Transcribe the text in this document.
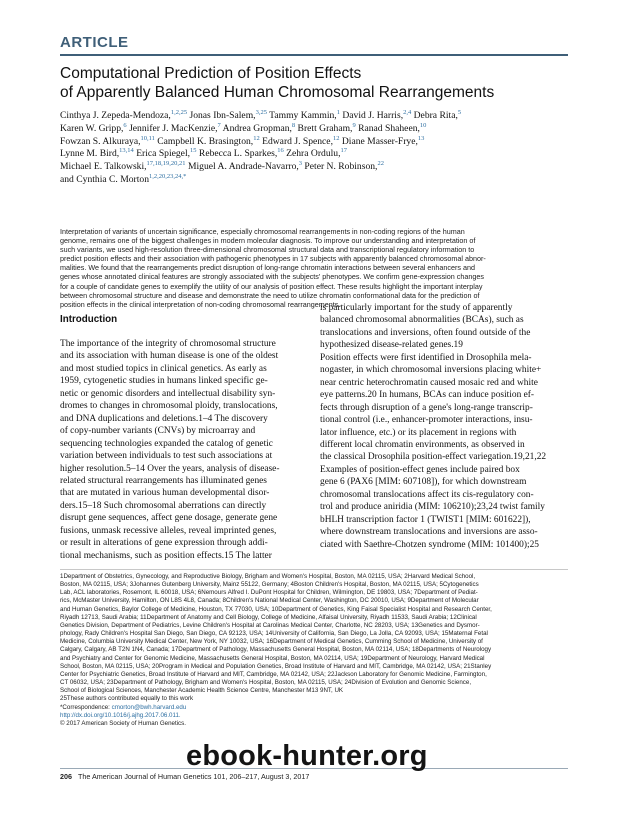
ARTICLE
Computational Prediction of Position Effects
of Apparently Balanced Human Chromosomal Rearrangements
Cinthya J. Zepeda-Mendoza,$^{1,2,25}$ Jonas Ibn-Salem,$^{3,25}$ Tammy Kammin,$^1$ David J. Harris,$^{2,4}$ Debra Rita,$^5$
Karen W. Gripp,$^6$ Jennifer J. MacKenzie,$^7$ Andrea Gropman,$^8$ Brett Graham,$^9$ Ranad Shaheen,$^{10}$
Fowzan S. Alkuraya,$^{10,11}$ Campbell K. Brasington,$^{12}$ Edward J. Spence,$^{12}$ Diane Masser-Frye,$^{13}$
Lynne M. Bird,$^{13,14}$ Erica Spiegel,$^{15}$ Rebecca L. Sparkes,$^{16}$ Zehra Ordulu,$^{17}$
Michael E. Talkowski,$^{17,18,19,20,21}$ Miguel A. Andrade-Navarro,$^3$ Peter N. Robinson,$^{22}$
and Cynthia C. Morton$^{1,2,20,23,24,*}$
Interpretation of variants of uncertain significance, especially chromosomal rearrangements in non-coding regions of the human
genome, remains one of the biggest challenges in modern molecular diagnosis. To improve our understanding and interpretation of
such variants, we used high-resolution three-dimensional chromosomal structural data and transcriptional regulatory information to
predict position effects and their association with pathogenic phenotypes in 17 subjects with apparently balanced chromosomal abnor-
malities. We found that the rearrangements predict disruption of long-range chromatin interactions between several enhancers and
genes whose annotated clinical features are strongly associated with the subjects' phenotypes. We confirm gene-expression changes
for a couple of candidate genes to exemplify the utility of our analysis of position effect. These results highlight the important interplay
between chromosomal structure and disease and demonstrate the need to utilize chromatin conformational data for the prediction of
position effects in the clinical interpretation of non-coding chromosomal rearrangements.
Introduction
The importance of the integrity of chromosomal structure
and its association with human disease is one of the oldest
and most studied topics in clinical genetics. As early as
1959, cytogenetic studies in humans linked specific ge-
netic or genomic disorders and intellectual disability syn-
dromes to changes in chromosomal ploidy, translocations,
and DNA duplications and deletions.1–4 The discovery
of copy-number variants (CNVs) by microarray and
sequencing technologies expanded the catalog of genetic
variation between individuals to test such associations at
higher resolution.5–14 Over the years, analysis of disease-
related structural rearrangements has illuminated genes
that are mutated in various human developmental disor-
ders.15–18 Such chromosomal aberrations can directly
disrupt gene sequences, affect gene dosage, generate gene
fusions, unmask recessive alleles, reveal imprinted genes,
or result in alterations of gene expression through addi-
tional mechanisms, such as position effects.15 The latter
is particularly important for the study of apparently
balanced chromosomal abnormalities (BCAs), such as
translocations and inversions, often found outside of the
hypothesized disease-related genes.19
Position effects were first identified in Drosophila mela-
nogaster, in which chromosomal inversions placing white+
near centric heterochromatin caused mosaic red and white
eye patterns.20 In humans, BCAs can induce position ef-
fects through disruption of a gene's long-range transcrip-
tional control (i.e., enhancer-promoter interactions, insu-
lator influence, etc.) or its placement in regions with
different local chromatin environments, as observed in
the classical Drosophila position-effect variegation.19,21,22
Examples of position-effect genes include paired box
gene 6 (PAX6 [MIM: 607108]), for which downstream
chromosomal translocations affect its cis-regulatory con-
trol and produce aniridia (MIM: 106210);23,24 twist family
bHLH transcription factor 1 (TWIST1 [MIM: 601622]),
where downstream translocations and inversions are asso-
ciated with Saethre-Chotzen syndrome (MIM: 101400);25
1Department of Obstetrics, Gynecology, and Reproductive Biology, Brigham and Women's Hospital, Boston, MA 02115, USA; 2Harvard Medical School,
Boston, MA 02115, USA; 3Johannes Gutenberg University, Mainz 55122, Germany; 4Boston Children's Hospital, Boston, MA 02115, USA; 5Cytogenetics
Lab, ACL laboratories, Rosemont, IL 60018, USA; 6Nemours Alfred I. DuPont Hospital for Children, Wilmington, DE 19803, USA; 7Department of Pediat-
rics, McMaster University, Hamilton, ON L8S 4L8, Canada; 8Children's National Medical Center, Washington, DC 20010, USA; 9Department of Molecular
and Human Genetics, Baylor College of Medicine, Houston, TX 77030, USA; 10Department of Genetics, King Faisal Specialist Hospital and Research Center,
Riyadh 12713, Saudi Arabia; 11Department of Anatomy and Cell Biology, College of Medicine, Alfaisal University, Riyadh 11533, Saudi Arabia; 12Clinical
Genetics Division, Department of Pediatrics, Levine Children's Hospital at Carolinas Medical Center, Charlotte, NC 28203, USA; 13Genetics and Dysmor-
phology, Rady Children's Hospital San Diego, San Diego, CA 92123, USA; 14University of California, San Diego, La Jolla, CA 92093, USA; 15Maternal Fetal
Medicine, Columbia University Medical Center, New York, NY 10032, USA; 16Department of Medical Genetics, Cumming School of Medicine, University of
Calgary, Calgary, AB T2N 1N4, Canada; 17Department of Pathology, Massachusetts General Hospital, Boston, MA 02114, USA; 18Departments of Neurology
and Psychiatry and Center for Genomic Medicine, Massachusetts General Hospital, Boston, MA 02114, USA; 19Department of Neurology, Harvard Medical
School, Boston, MA 02115, USA; 20Program in Medical and Population Genetics, Broad Institute of Harvard and MIT, Cambridge, MA 02142, USA; 21Stanley
Center for Psychiatric Genetics, Broad Institute of Harvard and MIT, Cambridge, MA 02142, USA; 22Jackson Laboratory for Genomic Medicine, Farmington,
CT 06032, USA; 23Department of Pathology, Brigham and Women's Hospital, Boston, MA 02115, USA; 24Division of Evolution and Genomic Science,
School of Biological Sciences, Manchester Academic Health Science Centre, Manchester M13 9NT, UK
25These authors contributed equally to this work
*Correspondence: cmorton@bwh.harvard.edu
http://dx.doi.org/10.1016/j.ajhg.2017.06.011.
© 2017 American Society of Human Genetics.
206 The American Journal of Human Genetics 101, 206–217, August 3, 2017
ebook-hunter.org
